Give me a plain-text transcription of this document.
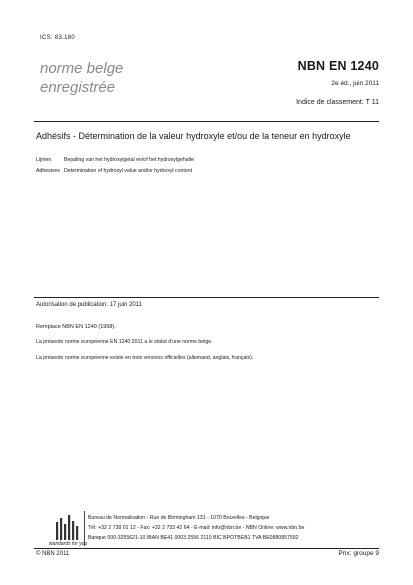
ICS: 83.180
norme belge
enregistrée
NBN EN 1240
2e éd., juin 2011
Indice de classement: T 11
Adhésifs - Détermination de la valeur hydroxyle et/ou de la teneur en hydroxyle
Lijmen Bepaling van het hydroxylgetal en/of het hydroxylgehalte
Adhesives Determination of hydroxyl value and/or hydroxyl content
Autorisation de publication: 17 juin 2011
Remplace NBN EN 1240 (1998).
La présente norme européenne EN 1240:2011 a le statut d'une norme belge.
La présente norme européenne existe en trois versions officielles (allemand, anglais, français).
standards for you
Bureau de Normalisation - Rue de Birmingham 131 - 1070 Bruxelles - Belgique
Tél: +32 2 738 01 12 - Fax: +32 2 733 42 64 - E-mail: info@nbn.be - NBN Online: www.nbn.be
Banque 000-3255621-10 IBAN BE41 0003 2556 2110 BIC BPOTBEB1 TVA BE0880857592
© NBN 2011	Prix: groupe 9
